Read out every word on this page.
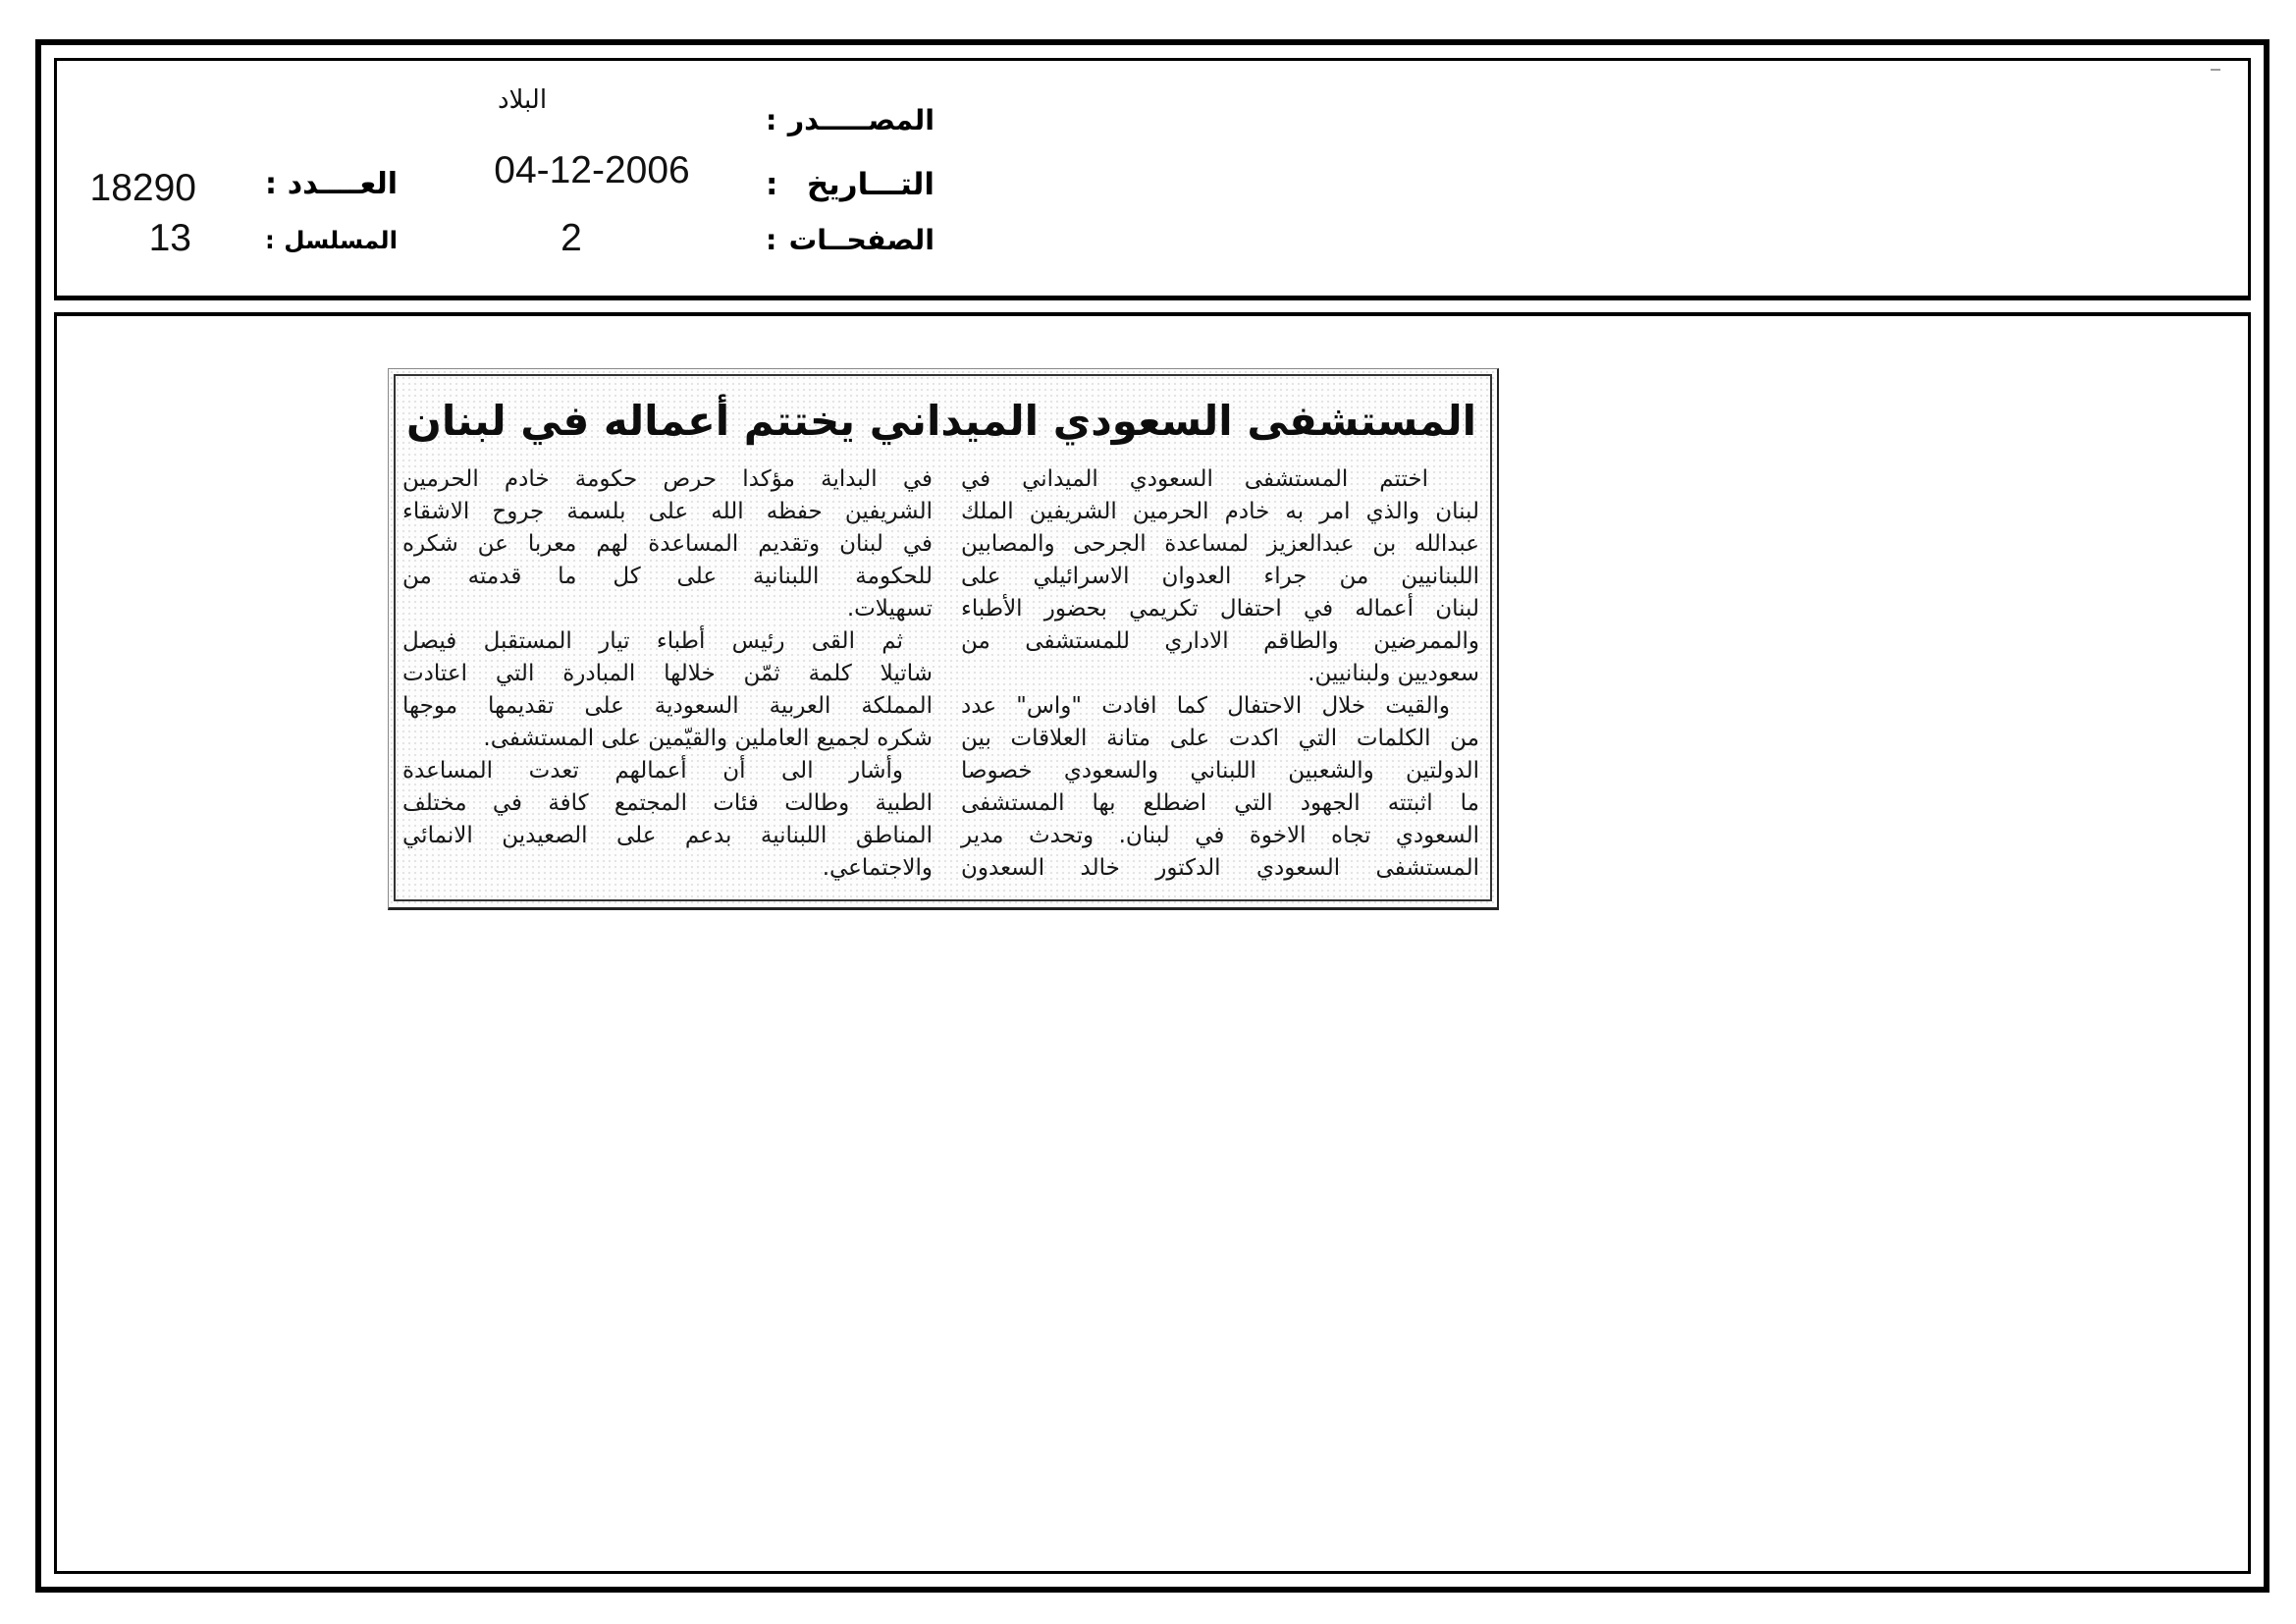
المصـــــدر :
التـــاريخ :
الصفحــات :
العــــدد :
المسلسل :
البلاد
04-12-2006
2
18290
13
المستشفى السعودي الميداني يختتم أعماله في لبنان
اختتم المستشفى السعودي الميداني في
لبنان والذي امر به خادم الحرمين الشريفين الملك
عبدالله بن عبدالعزيز لمساعدة الجرحى والمصابين
اللبنانيين من جراء العدوان الاسرائيلي على
لبنان أعماله في احتفال تكريمي بحضور الأطباء
والممرضين والطاقم الاداري للمستشفى من
سعوديين ولبنانيين.
والقيت خلال الاحتفال كما افادت "واس" عدد
من الكلمات التي اكدت على متانة العلاقات بين
الدولتين والشعبين اللبناني والسعودي خصوصا
ما اثبتته الجهود التي اضطلع بها المستشفى
السعودي تجاه الاخوة في لبنان. وتحدث مدير
المستشفى السعودي الدكتور خالد السعدون
في البداية مؤكدا حرص حكومة خادم الحرمين
الشريفين حفظه الله على بلسمة جروح الاشقاء
في لبنان وتقديم المساعدة لهم معربا عن شكره
للحكومة اللبنانية على كل ما قدمته من
تسهيلات.
ثم القى رئيس أطباء تيار المستقبل فيصل
شاتيلا كلمة ثمّن خلالها المبادرة التي اعتادت
المملكة العربية السعودية على تقديمها موجها
شكره لجميع العاملين والقيّمين على المستشفى.
وأشار الى أن أعمالهم تعدت المساعدة
الطبية وطالت فئات المجتمع كافة في مختلف
المناطق اللبنانية بدعم على الصعيدين الانمائي
والاجتماعي.
